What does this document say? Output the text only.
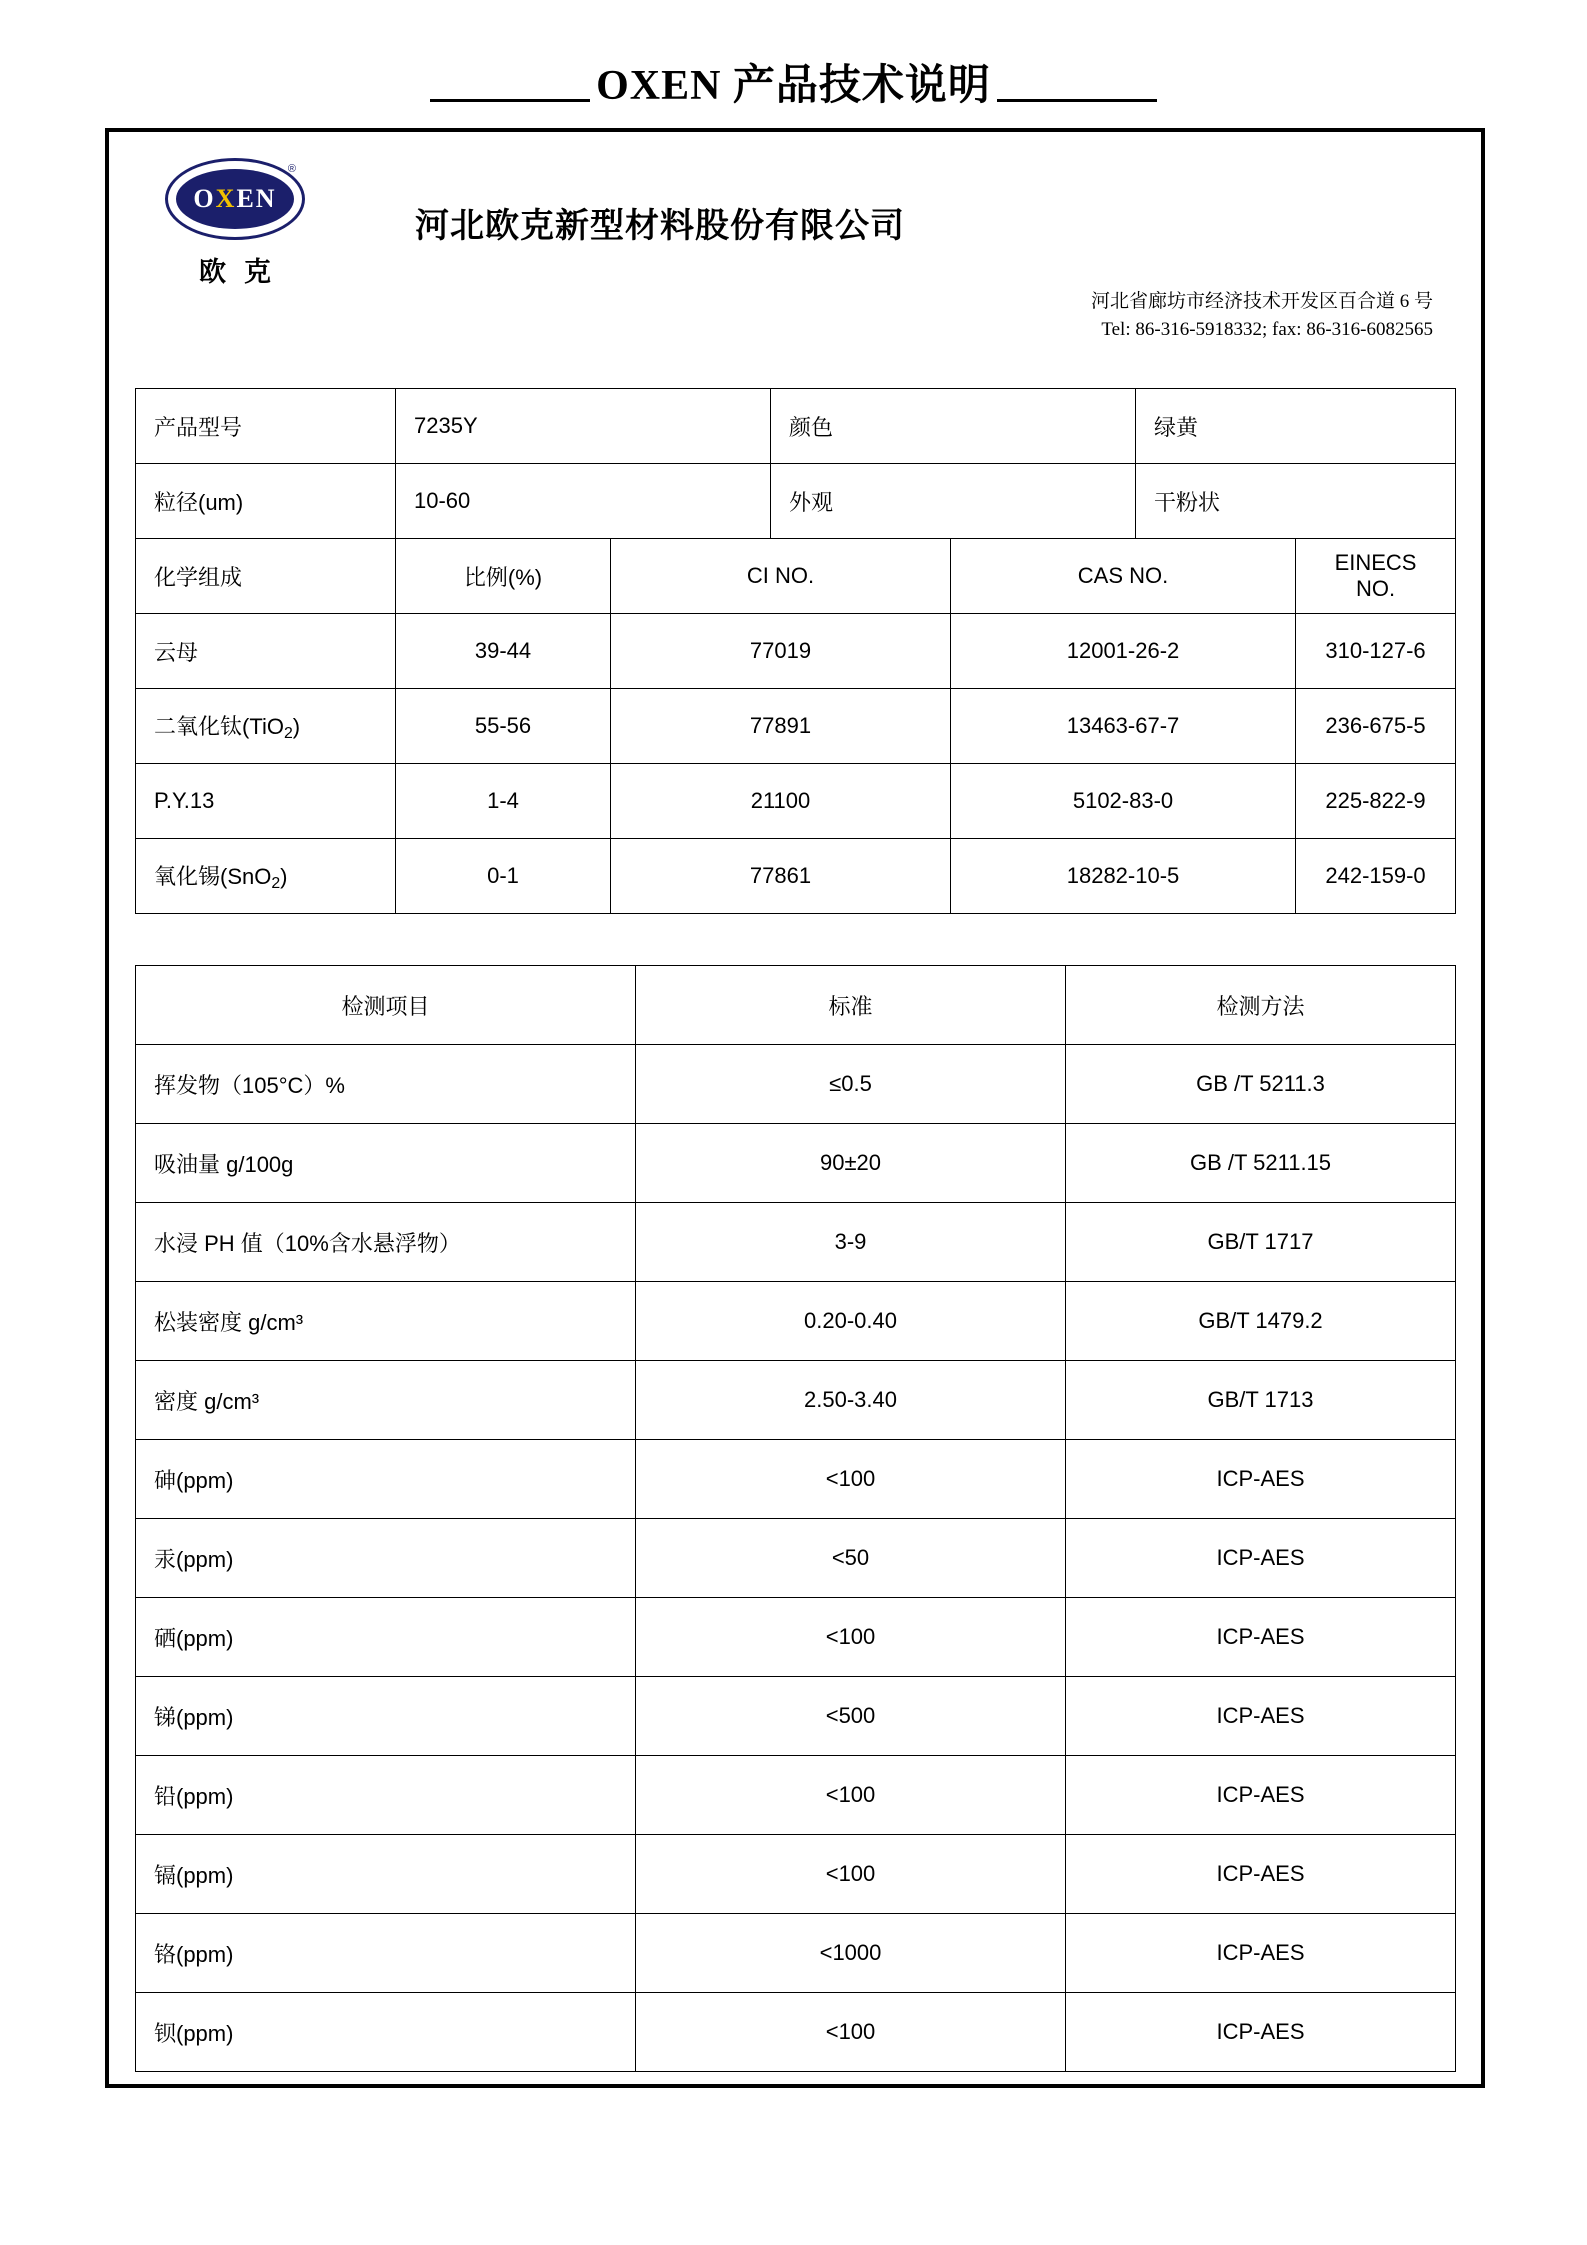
OXEN 产品技术说明
O X EN
®
欧克
河北欧克新型材料股份有限公司
河北省廊坊市经济技术开发区百合道 6 号
Tel: 86-316-5918332; fax: 86-316-6082565
产品型号	7235Y		颜色		绿黄	
粒径(um)	10-60		外观		干粉状	
化学组成	比例(%)	CI NO.		CAS NO.		EINECS NO.
云母	39-44	77019		12001-26-2		310-127-6
二氧化钛(TiO$_2$)	55-56	77891		13463-67-7		236-675-5
P.Y.13	1-4	21100		5102-83-0		225-822-9
氧化锡(SnO$_2$)	0-1	77861		18282-10-5		242-159-0
检测项目	标准	检测方法
挥发物（105°C）%	≤0.5	GB /T 5211.3
吸油量 g/100g	90±20	GB /T 5211.15
水浸 PH 值（10%含水悬浮物）	3-9	GB/T 1717
松装密度 g/cm³	0.20-0.40	GB/T 1479.2
密度 g/cm³	2.50-3.40	GB/T 1713
砷(ppm)	<100	ICP-AES
汞(ppm)	<50	ICP-AES
硒(ppm)	<100	ICP-AES
锑(ppm)	<500	ICP-AES
铅(ppm)	<100	ICP-AES
镉(ppm)	<100	ICP-AES
铬(ppm)	<1000	ICP-AES
钡(ppm)	<100	ICP-AES
